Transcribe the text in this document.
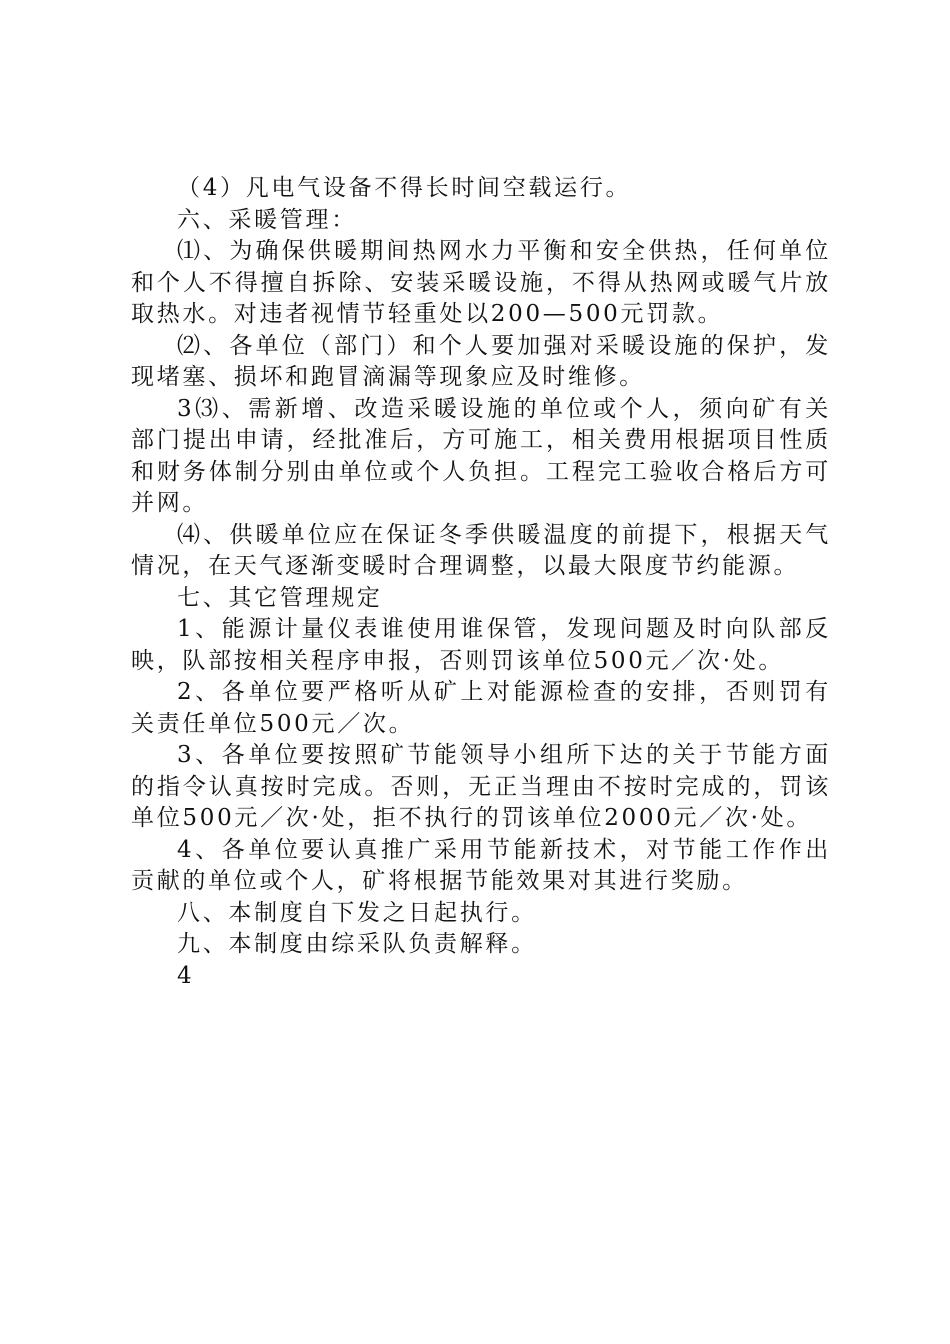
（4）凡电气设备不得长时间空载运行。

六、采暖管理：

⑴、为确保供暖期间热网水力平衡和安全供热，任何单位和个人不得擅自拆除、安装采暖设施，不得从热网或暖气片放取热水。对违者视情节轻重处以200—500元罚款。

⑵、各单位（部门）和个人要加强对采暖设施的保护，发现堵塞、损坏和跑冒滴漏等现象应及时维修。

3⑶、需新增、改造采暖设施的单位或个人，须向矿有关部门提出申请，经批准后，方可施工，相关费用根据项目性质和财务体制分别由单位或个人负担。工程完工验收合格后方可并网。

⑷、供暖单位应在保证冬季供暖温度的前提下，根据天气情况，在天气逐渐变暖时合理调整，以最大限度节约能源。

七、其它管理规定

1、能源计量仪表谁使用谁保管，发现问题及时向队部反映，队部按相关程序申报，否则罚该单位500元／次·处。

2、各单位要严格听从矿上对能源检查的安排，否则罚有关责任单位500元／次。

3、各单位要按照矿节能领导小组所下达的关于节能方面的指令认真按时完成。否则，无正当理由不按时完成的，罚该单位500元／次·处，拒不执行的罚该单位2000元／次·处。

4、各单位要认真推广采用节能新技术，对节能工作作出贡献的单位或个人，矿将根据节能效果对其进行奖励。

八、本制度自下发之日起执行。

九、本制度由综采队负责解释。

4
